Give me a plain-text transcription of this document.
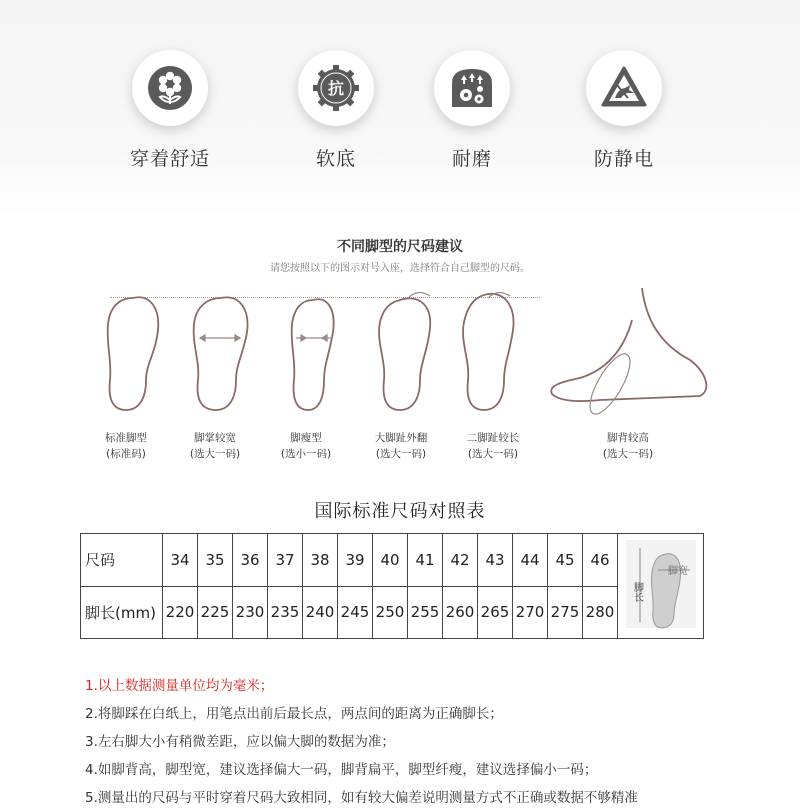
穿着舒适
抗
软底	耐磨	防静电
不同脚型的尺码建议
请您按照以下的图示对号入座，选择符合自己脚型的尺码。
标准脚型
(标准码)
脚掌较宽
(选大一码)
脚瘦型
(选小一码)
大脚趾外翻
(选大一码)
二脚趾较长
(选大一码)
脚背较高
(选大一码)
国际标准尺码对照表
尺码	34	35	36	37	38	39	40	41	42	43	44	45	46	脚长
脚宽

脚长(mm)	220	225	230	235	240	245	250	255	260	265	270	275	280	
1.以上数据测量单位均为毫米；
2.将脚踩在白纸上，用笔点出前后最长点，两点间的距离为正确脚长；
3.左右脚大小有稍微差距，应以偏大脚的数据为准；
4.如脚背高，脚型宽，建议选择偏大一码，脚背扁平，脚型纤瘦，建议选择偏小一码；
5.测量出的尺码与平时穿着尺码大致相同，如有较大偏差说明测量方式不正确或数据不够精准
